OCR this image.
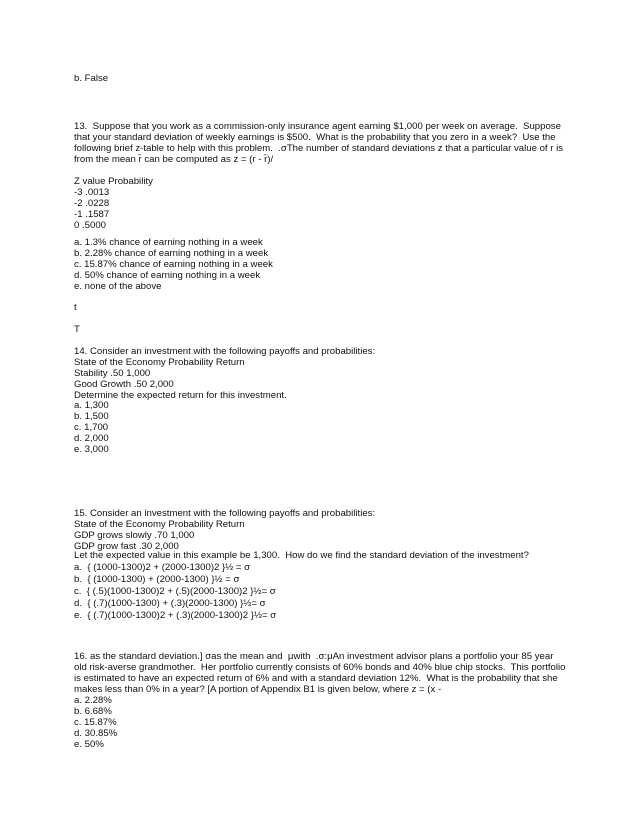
b. False
13.  Suppose that you work as a commission-only insurance agent earning $1,000 per week on average.  Suppose
that your standard deviation of weekly earnings is $500.  What is the probability that you zero in a week?  Use the
following brief z-table to help with this problem.  .σThe number of standard deviations z that a particular value of r is
from the mean r̄ can be computed as z = (r - r̄)/
Z value Probability
-3 .0013
-2 .0228
-1 .1587
0 .5000
a. 1.3% chance of earning nothing in a week
b. 2.28% chance of earning nothing in a week
c. 15.87% chance of earning nothing in a week
d. 50% chance of earning nothing in a week
e. none of the above
t
T
14. Consider an investment with the following payoffs and probabilities:
State of the Economy Probability Return
Stability .50 1,000
Good Growth .50 2,000
Determine the expected return for this investment.
a. 1,300
b. 1,500
c. 1,700
d. 2,000
e. 3,000
15. Consider an investment with the following payoffs and probabilities:
State of the Economy Probability Return
GDP grows slowly .70 1,000
GDP grow fast .30 2,000
Let the expected value in this example be 1,300.  How do we find the standard deviation of the investment?
a.  { (1000-1300)2 + (2000-1300)2 }½ = σ
b.  { (1000-1300) + (2000-1300) }½ = σ
c.  { (.5)(1000-1300)2 + (.5)(2000-1300)2 }½= σ
d.  { (.7)(1000-1300) + (.3)(2000-1300) }½= σ
e.  { (.7)(1000-1300)2 + (.3)(2000-1300)2 }½= σ
16. as the standard deviation.] σas the mean and  μwith  .σ:μAn investment advisor plans a portfolio your 85 year
old risk-averse grandmother.  Her portfolio currently consists of 60% bonds and 40% blue chip stocks.  This portfolio
is estimated to have an expected return of 6% and with a standard deviation 12%.  What is the probability that she
makes less than 0% in a year? [A portion of Appendix B1 is given below, where z = (x -
a. 2.28%
b. 6.68%
c. 15.87%
d. 30.85%
e. 50%
